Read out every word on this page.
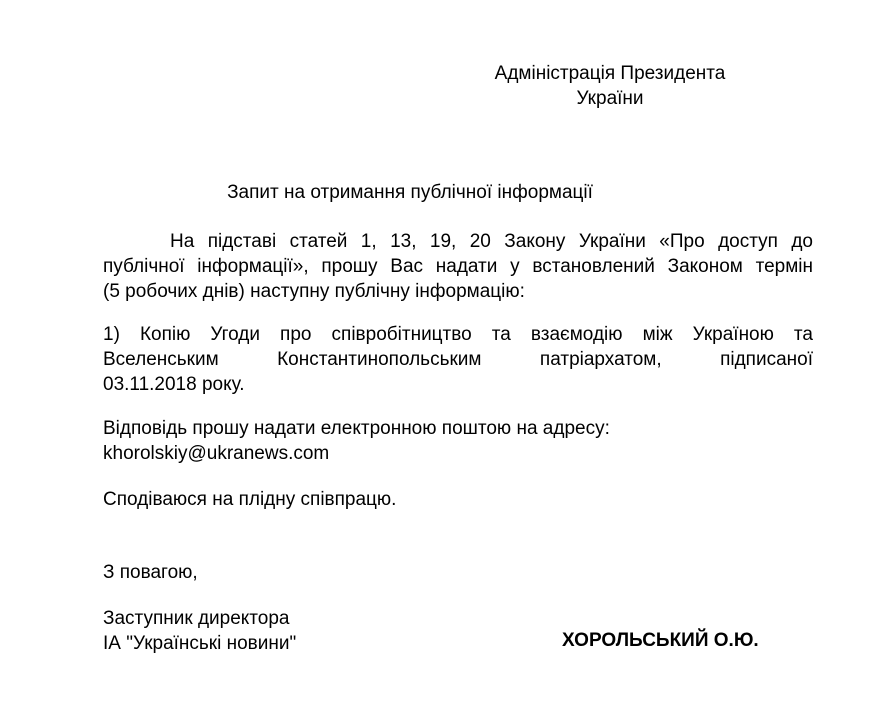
Адміністрація Президента
України
Запит на отримання публічної інформації
На підставі статей 1, 13, 19, 20 Закону України «Про доступ до
публічної інформації», прошу Вас надати у встановлений Законом термін
(5 робочих днів) наступну публічну інформацію:
1) Копію Угоди про співробітництво та взаємодію між Україною та
Вселенським Константинопольським патріархатом, підписаної
03.11.2018 року.
Відповідь прошу надати електронною поштою на адресу:
khorolskiy@ukranews.com
Сподіваюся на плідну співпрацю.
З повагою,
Заступник директора
ІА "Українські новини"	ХОРОЛЬСЬКИЙ О.Ю.
